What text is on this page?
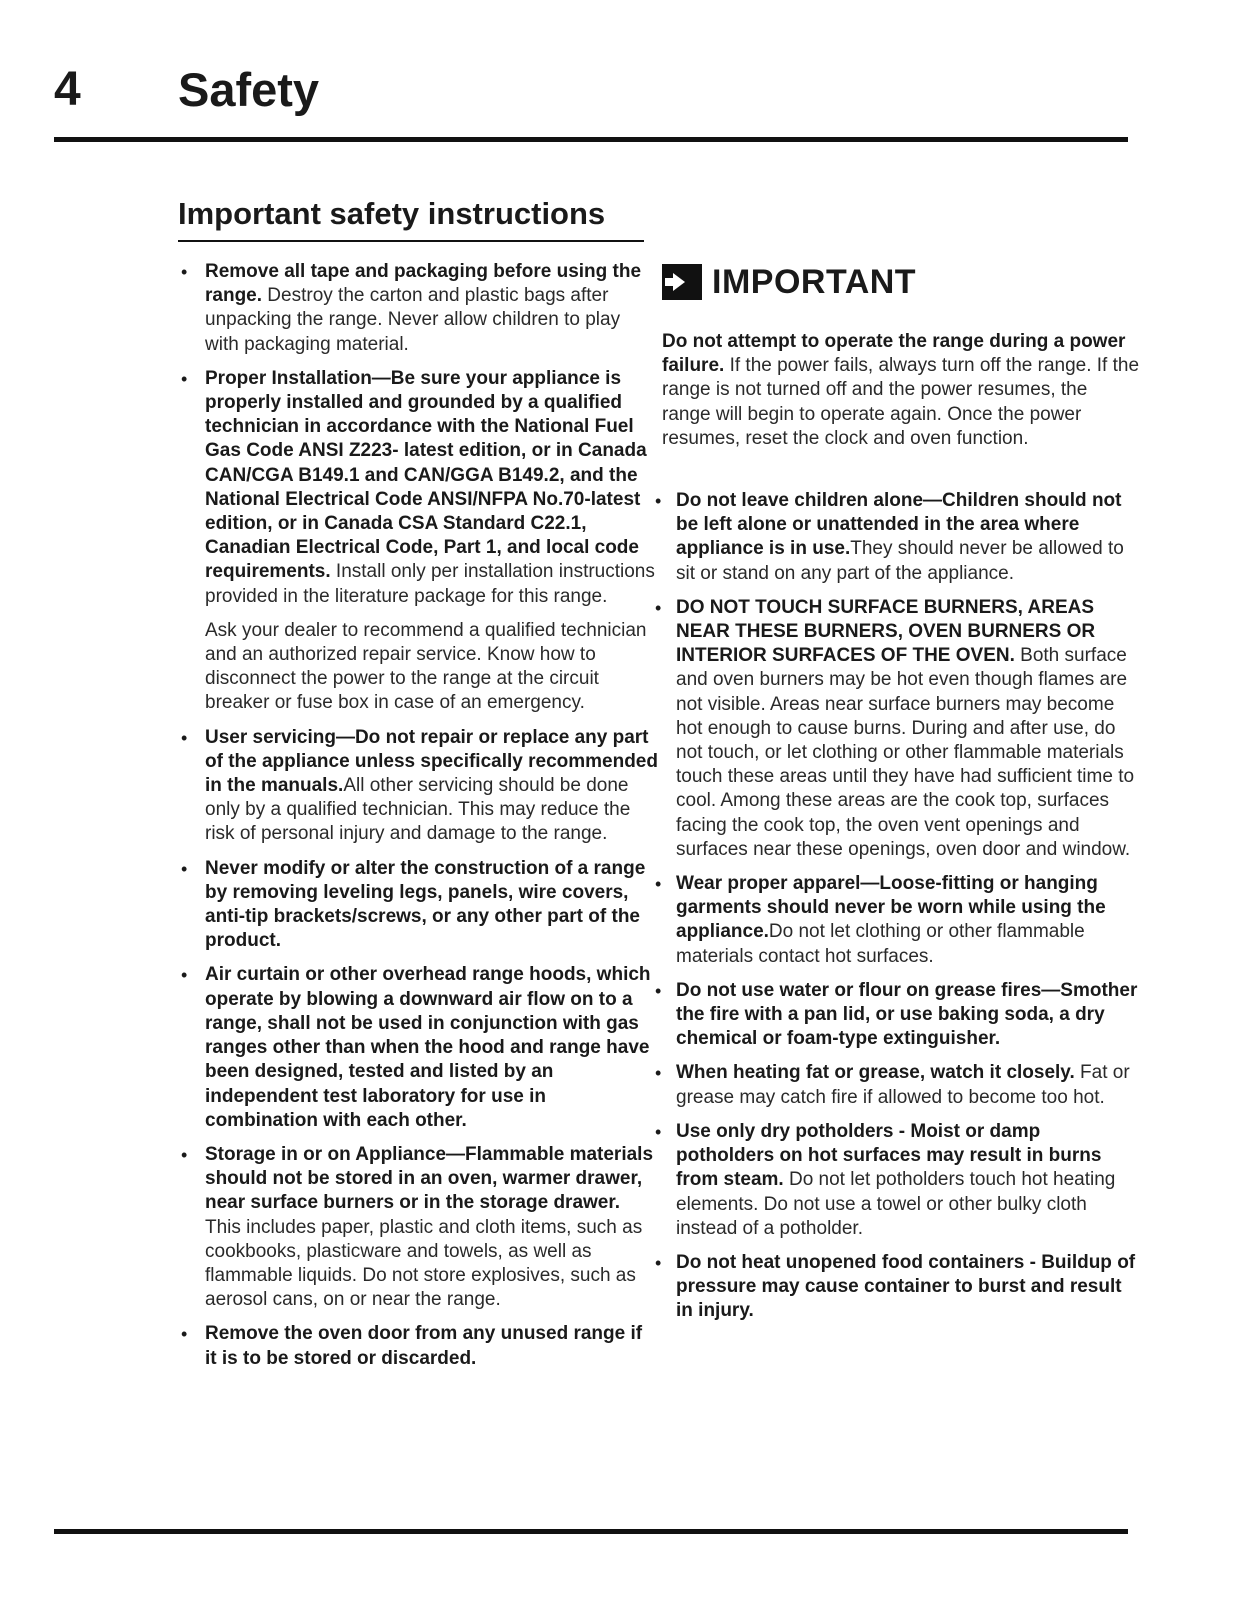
4 Safety
Important safety instructions
• Remove all tape and packaging before using the range. Destroy the carton and plastic bags after unpacking the range. Never allow children to play with packaging material.
• Proper Installation—Be sure your appliance is properly installed and grounded by a qualified technician in accordance with the National Fuel Gas Code ANSI Z223- latest edition, or in Canada CAN/CGA B149.1 and CAN/GGA B149.2, and the National Electrical Code ANSI/NFPA No.70-latest edition, or in Canada CSA Standard C22.1, Canadian Electrical Code, Part 1, and local code requirements. Install only per installation instructions provided in the literature package for this range.

Ask your dealer to recommend a qualified technician and an authorized repair service. Know how to disconnect the power to the range at the circuit breaker or fuse box in case of an emergency.

• User servicing—Do not repair or replace any part of the appliance unless specifically recommended in the manuals.All other servicing should be done only by a qualified technician. This may reduce the risk of personal injury and damage to the range.
• Never modify or alter the construction of a range by removing leveling legs, panels, wire covers, anti-tip brackets/screws, or any other part of the product.
• Air curtain or other overhead range hoods, which operate by blowing a downward air flow on to a range, shall not be used in conjunction with gas ranges other than when the hood and range have been designed, tested and listed by an independent test laboratory for use in combination with each other.
• Storage in or on Appliance—Flammable materials should not be stored in an oven, warmer drawer, near surface burners or in the storage drawer. This includes paper, plastic and cloth items, such as cookbooks, plasticware and towels, as well as flammable liquids. Do not store explosives, such as aerosol cans, on or near the range.
• Remove the oven door from any unused range if it is to be stored or discarded.
IMPORTANT
Do not attempt to operate the range during a power failure. If the power fails, always turn off the range. If the range is not turned off and the power resumes, the range will begin to operate again. Once the power resumes, reset the clock and oven function.
• Do not leave children alone—Children should not be left alone or unattended in the area where appliance is in use.They should never be allowed to sit or stand on any part of the appliance.
• DO NOT TOUCH SURFACE BURNERS, AREAS NEAR THESE BURNERS, OVEN BURNERS OR INTERIOR SURFACES OF THE OVEN. Both surface and oven burners may be hot even though flames are not visible. Areas near surface burners may become hot enough to cause burns. During and after use, do not touch, or let clothing or other flammable materials touch these areas until they have had sufficient time to cool. Among these areas are the cook top, surfaces facing the cook top, the oven vent openings and surfaces near these openings, oven door and window.
• Wear proper apparel—Loose-fitting or hanging garments should never be worn while using the appliance.Do not let clothing or other flammable materials contact hot surfaces.
• Do not use water or flour on grease fires—Smother the fire with a pan lid, or use baking soda, a dry chemical or foam-type extinguisher.
• When heating fat or grease, watch it closely. Fat or grease may catch fire if allowed to become too hot.
• Use only dry potholders - Moist or damp potholders on hot surfaces may result in burns from steam. Do not let potholders touch hot heating elements. Do not use a towel or other bulky cloth instead of a potholder.
• Do not heat unopened food containers - Buildup of pressure may cause container to burst and result in injury.
